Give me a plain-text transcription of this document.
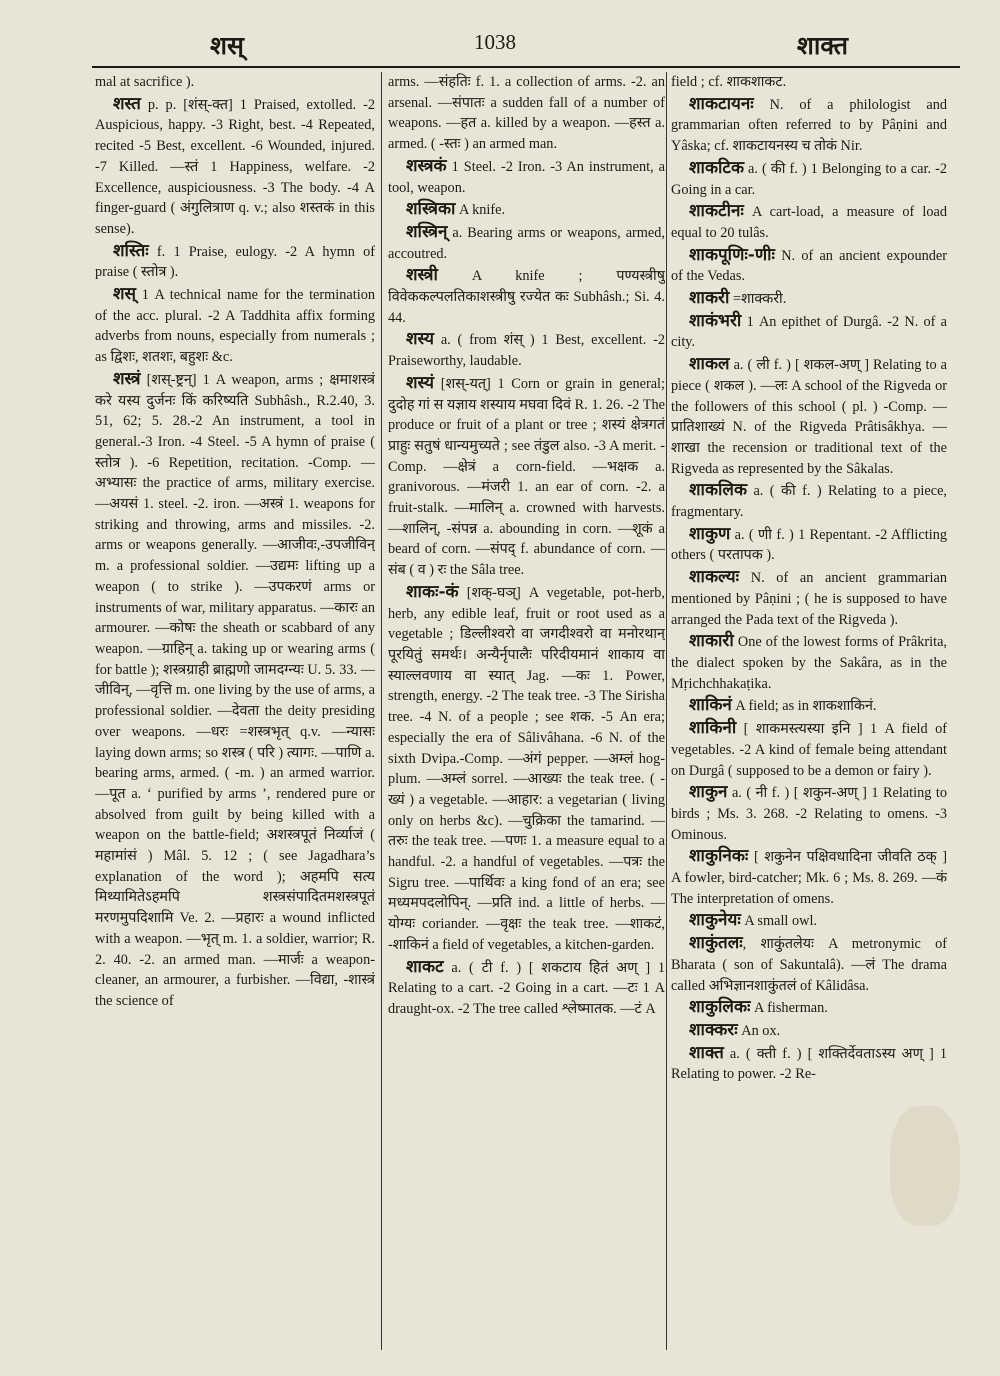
शस्	1038	शाक्त

mal at sacrifice ).

शस्त p. p. [शंस्-क्त] 1 Praised, extolled. -2 Auspicious, happy. -3 Right, best. -4 Repeated, recited -5 Best, excellent. -6 Wounded, injured. -7 Killed. —स्तं 1 Happiness, welfare. -2 Excellence, auspiciousness. -3 The body. -4 A finger-guard ( अंगुलित्राण q. v.; also शस्तकं in this sense).

शस्तिः f. 1 Praise, eulogy. -2 A hymn of praise ( स्तोत्र ).

शस् 1 A technical name for the termination of the acc. plural. -2 A Taddhita affix forming adverbs from nouns, especially from numerals ; as द्विशः, शतशः, बहुशः &c.

शस्त्रं [शस्-ष्ट्रन्] 1 A weapon, arms ; क्षमाशस्त्रं करे यस्य दुर्जनः किं करिष्यति Subhâsh., R.2.40, 3. 51, 62; 5. 28.-2 An instrument, a tool in general.-3 Iron. -4 Steel. -5 A hymn of praise ( स्तोत्र ). -6 Repetition, recitation. -Comp. —अभ्यासः the practice of arms, military exercise. —अयसं 1. steel. -2. iron. —अस्त्रं 1. weapons for striking and throwing, arms and missiles. -2. arms or weapons generally. —आजीवः,-उपजीविन् m. a professional soldier. —उद्यमः lifting up a weapon ( to strike ). —उपकरणं arms or instruments of war, military apparatus. —कारः an armourer. —कोषः the sheath or scabbard of any weapon. —ग्राहिन् a. taking up or wearing arms ( for battle ); शस्त्रग्राही ब्राह्मणो जामदग्न्यः U. 5. 33. —जीविन्, —वृत्ति m. one living by the use of arms, a professional soldier. —देवता the deity presiding over weapons. —धरः =शस्त्रभृत् q.v. —न्यासः laying down arms; so शस्त्र ( परि ) त्यागः. —पाणि a. bearing arms, armed. ( -m. ) an armed warrior. —पूत a. ‘ purified by arms ’, rendered pure or absolved from guilt by being killed with a weapon on the battle-field; अशस्त्रपूतं निर्व्याजं ( महामांसं ) Mâl. 5. 12 ; ( see Jagadhara’s explanation of the word ); अहमपि सत्य मिथ्यामितेऽहमपि शस्त्रसंपादितमशस्त्रपूतं मरणमुपदिशामि Ve. 2. —प्रहारः a wound inflicted with a weapon. —भृत् m. 1. a soldier, warrior; R. 2. 40. -2. an armed man. —मार्जः a weapon-cleaner, an armourer, a furbisher. —विद्या, -शास्त्रं the science of

arms. —संहतिः f. 1. a collection of arms. -2. an arsenal. —संपातः a sudden fall of a number of weapons. —हत a. killed by a weapon. —हस्त a. armed. ( -स्तः ) an armed man.

शस्त्रकं 1 Steel. -2 Iron. -3 An instrument, a tool, weapon.

शस्त्रिका A knife.

शस्त्रिन् a. Bearing arms or weapons, armed, accoutred.

शस्त्री A knife ; पण्यस्त्रीषु विवेककल्पलतिकाशस्त्रीषु रज्येत कः Subhâsh.; Si. 4. 44.

शस्य a. ( from शंस् ) 1 Best, excellent. -2 Praiseworthy, laudable.

शस्यं [शस्-यत्] 1 Corn or grain in general; दुदोह गां स यज्ञाय शस्याय मघवा दिवं R. 1. 26. -2 The produce or fruit of a plant or tree ; शस्यं क्षेत्रगतं प्राहुः सतुषं धान्यमुच्यते ; see तंडुल also. -3 A merit. -Comp. —क्षेत्रं a corn-field. —भक्षक a. granivorous. —मंजरी 1. an ear of corn. -2. a fruit-stalk. —मालिन् a. crowned with harvests. —शालिन्, -संपन्न a. abounding in corn. —शूकं a beard of corn. —संपद् f. abundance of corn. —संब ( व ) रः the Sâla tree.

शाकः-कं [शक्-घञ्] A vegetable, pot-herb, herb, any edible leaf, fruit or root used as a vegetable ; डिल्लीश्वरो वा जगदीश्वरो वा मनोरथान् पूरयितुं समर्थः। अन्यैर्नृपालैः परिदीयमानं शाकाय वा स्याल्लवणाय वा स्यात् Jag. —कः 1. Power, strength, energy. -2 The teak tree. -3 The Sirisha tree. -4 N. of a people ; see शक. -5 An era; especially the era of Sâlivâhana. -6 N. of the sixth Dvipa.-Comp. —अंगं pepper. —अम्लं hog-plum. —अम्लं sorrel. —आख्यः the teak tree. ( -ख्यं ) a vegetable. —आहार: a vegetarian ( living only on herbs &c). —चुक्रिका the tamarind. —तरुः the teak tree. —पणः 1. a measure equal to a handful. -2. a handful of vegetables. —पत्रः the Sigru tree. —पार्थिवः a king fond of an era; see मध्यमपदलोपिन्. —प्रति ind. a little of herbs. —योग्यः coriander. —वृक्षः the teak tree. —शाकटं, -शाकिनं a field of vegetables, a kitchen-garden.

शाकट a. ( टी f. ) [ शकटाय हितं अण् ] 1 Relating to a cart. -2 Going in a cart. —टः 1 A draught-ox. -2 The tree called श्लेष्मातक. —टं A

field ; cf. शाकशाकट.

शाकटायनः N. of a philologist and grammarian often referred to by Pâṇini and Yâska; cf. शाकटायनस्य च तोकं Nir.

शाकटिक a. ( की f. ) 1 Belonging to a car. -2 Going in a car.

शाकटीनः A cart-load, a measure of load equal to 20 tulâs.

शाकपूणिः-णीः N. of an ancient expounder of the Vedas.

शाकरी =शाक्करी.

शाकंभरी 1 An epithet of Durgâ. -2 N. of a city.

शाकल a. ( ली f. ) [ शकल-अण् ] Relating to a piece ( शकल ). —लः A school of the Rigveda or the followers of this school ( pl. ) -Comp. —प्रातिशाख्यं N. of the Rigveda Prâtisâkhya. —शाखा the recension or traditional text of the Rigveda as represented by the Sâkalas.

शाकलिक a. ( की f. ) Relating to a piece, fragmentary.

शाकुण a. ( णी f. ) 1 Repentant. -2 Afflicting others ( परतापक ).

शाकल्यः N. of an ancient grammarian mentioned by Pâṇini ; ( he is supposed to have arranged the Pada text of the Rigveda ).

शाकारी One of the lowest forms of Prâkrita, the dialect spoken by the Sakâra, as in the Mṛichchhakaṭika.

शाकिनं A field; as in शाकशाकिनं.

शाकिनी [ शाकमस्त्यस्या इनि ] 1 A field of vegetables. -2 A kind of female being attendant on Durgâ ( supposed to be a demon or fairy ).

शाकुन a. ( नी f. ) [ शकुन-अण् ] 1 Relating to birds ; Ms. 3. 268. -2 Relating to omens. -3 Ominous.

शाकुनिकः [ शकुनेन पक्षिवधादिना जीवति ठक् ] A fowler, bird-catcher; Mk. 6 ; Ms. 8. 269. —कं The interpretation of omens.

शाकुनेयः A small owl.

शाकुंतलः, शाकुंतलेयः A metronymic of Bharata ( son of Sakuntalâ). —लं The drama called अभिज्ञानशाकुंतलं of Kâlidâsa.

शाकुलिकः A fisherman.

शाक्करः An ox.

शाक्त a. ( क्ती f. ) [ शक्तिर्देवताऽस्य अण् ] 1 Relating to power. -2 Re-
